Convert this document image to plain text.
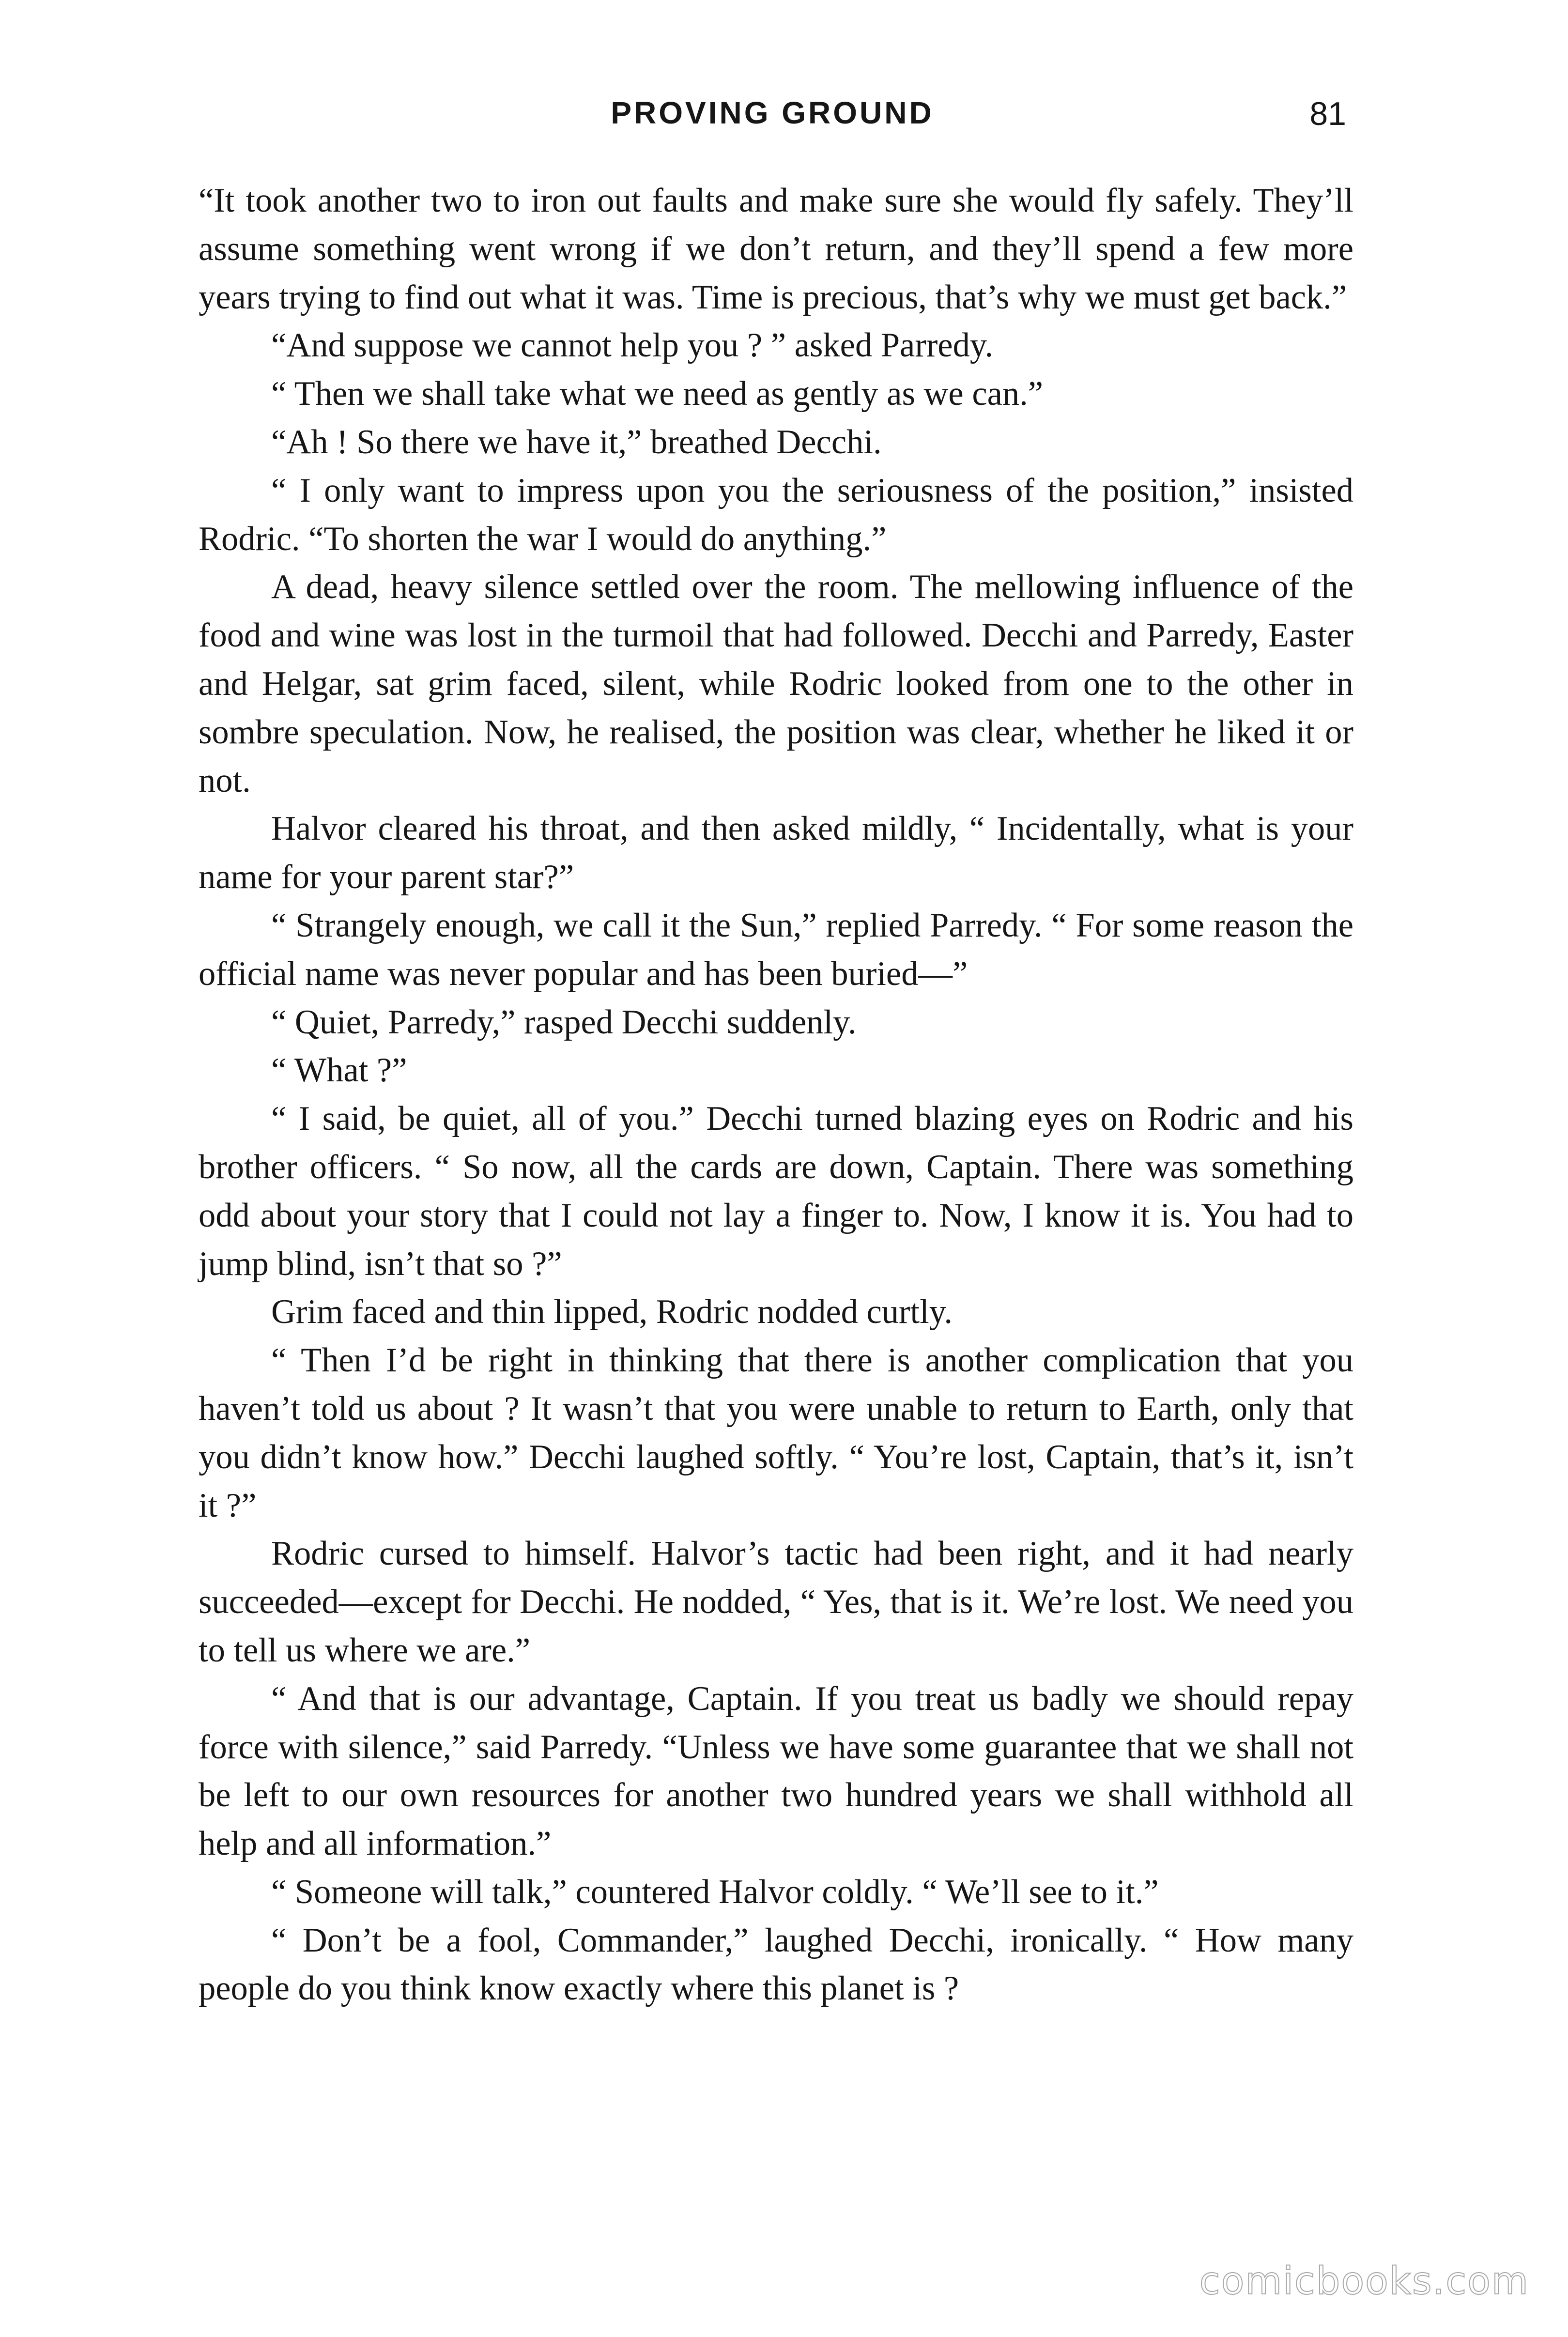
PROVING GROUND	81

“It took another two to iron out faults and make sure she would fly safely. They’ll assume something went wrong if we don’t return, and they’ll spend a few more years trying to find out what it was. Time is precious, that’s why we must get back.”

“And suppose we cannot help you ? ” asked Parredy.

“ Then we shall take what we need as gently as we can.”

“Ah ! So there we have it,” breathed Decchi.

“ I only want to impress upon you the seriousness of the position,” insisted Rodric. “To shorten the war I would do anything.”

A dead, heavy silence settled over the room. The mellowing influence of the food and wine was lost in the turmoil that had followed. Decchi and Parredy, Easter and Helgar, sat grim faced, silent, while Rodric looked from one to the other in sombre speculation. Now, he realised, the position was clear, whether he liked it or not.

Halvor cleared his throat, and then asked mildly, “ Incidentally, what is your name for your parent star?”

“ Strangely enough, we call it the Sun,” replied Parredy. “ For some reason the official name was never popular and has been buried—”

“ Quiet, Parredy,” rasped Decchi suddenly.

“ What ?”

“ I said, be quiet, all of you.” Decchi turned blazing eyes on Rodric and his brother officers. “ So now, all the cards are down, Captain. There was something odd about your story that I could not lay a finger to. Now, I know it is. You had to jump blind, isn’t that so ?”

Grim faced and thin lipped, Rodric nodded curtly.

“ Then I’d be right in thinking that there is another complication that you haven’t told us about ? It wasn’t that you were unable to return to Earth, only that you didn’t know how.” Decchi laughed softly. “ You’re lost, Captain, that’s it, isn’t it ?”

Rodric cursed to himself. Halvor’s tactic had been right, and it had nearly succeeded—except for Decchi. He nodded, “ Yes, that is it. We’re lost. We need you to tell us where we are.”

“ And that is our advantage, Captain. If you treat us badly we should repay force with silence,” said Parredy. “Unless we have some guarantee that we shall not be left to our own resources for another two hundred years we shall withhold all help and all information.”

“ Someone will talk,” countered Halvor coldly. “ We’ll see to it.”

“ Don’t be a fool, Commander,” laughed Decchi, ironically. “ How many people do you think know exactly where this planet is ?

comicbooks.com
